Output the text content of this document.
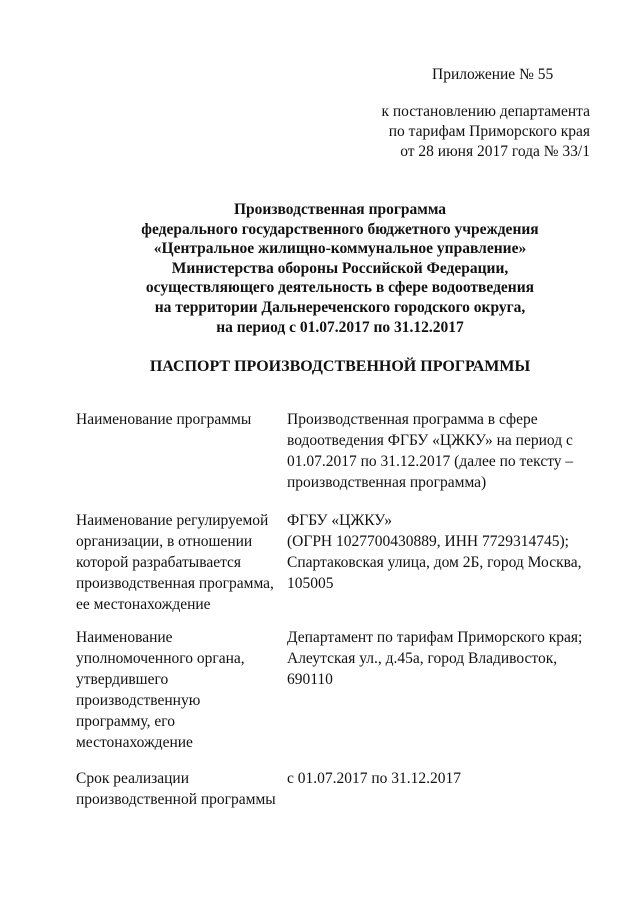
Приложение № 55
к постановлению департамента
по тарифам Приморского края
от 28 июня 2017 года № 33/1
Производственная программа
федерального государственного бюджетного учреждения
«Центральное жилищно-коммунальное управление»
Министерства обороны Российской Федерации,
осуществляющего деятельность в сфере водоотведения
на территории Дальнереченского городского округа,
на период с 01.07.2017 по 31.12.2017
ПАСПОРТ ПРОИЗВОДСТВЕННОЙ ПРОГРАММЫ
Наименование программы	Производственная программа в сфере
водоотведения ФГБУ «ЦЖКУ» на период с
01.07.2017 по 31.12.2017 (далее по тексту –
производственная программа)
Наименование регулируемой
организации, в отношении
которой разрабатывается
производственная программа,
ее местонахождение
ФГБУ «ЦЖКУ»
(ОГРН 1027700430889, ИНН 7729314745);
Спартаковская улица, дом 2Б, город Москва,
105005
Наименование
уполномоченного органа,
утвердившего
производственную
программу, его
местонахождение
Департамент по тарифам Приморского края;
Алеутская ул., д.45а, город Владивосток,
690110
Срок реализации
производственной программы
с 01.07.2017 по 31.12.2017
